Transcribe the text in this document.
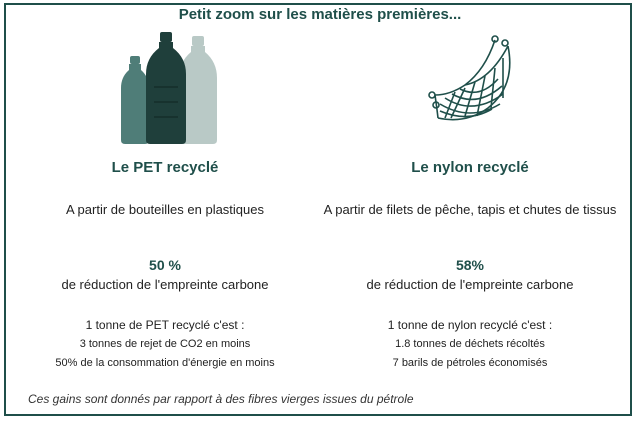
Petit zoom sur les matières premières...
Le PET recyclé
A partir de bouteilles en plastiques
50 %
de réduction de l'empreinte carbone
1 tonne de PET recyclé c'est :
3 tonnes de rejet de CO2 en moins
50% de la consommation d'énergie en moins
Le nylon recyclé
A partir de filets de pêche, tapis et chutes de tissus
58%
de réduction de l'empreinte carbone
1 tonne de nylon recyclé c'est :
1.8 tonnes de déchets récoltés
7 barils de pétroles économisés
Ces gains sont donnés par rapport à des fibres vierges issues du pétrole
